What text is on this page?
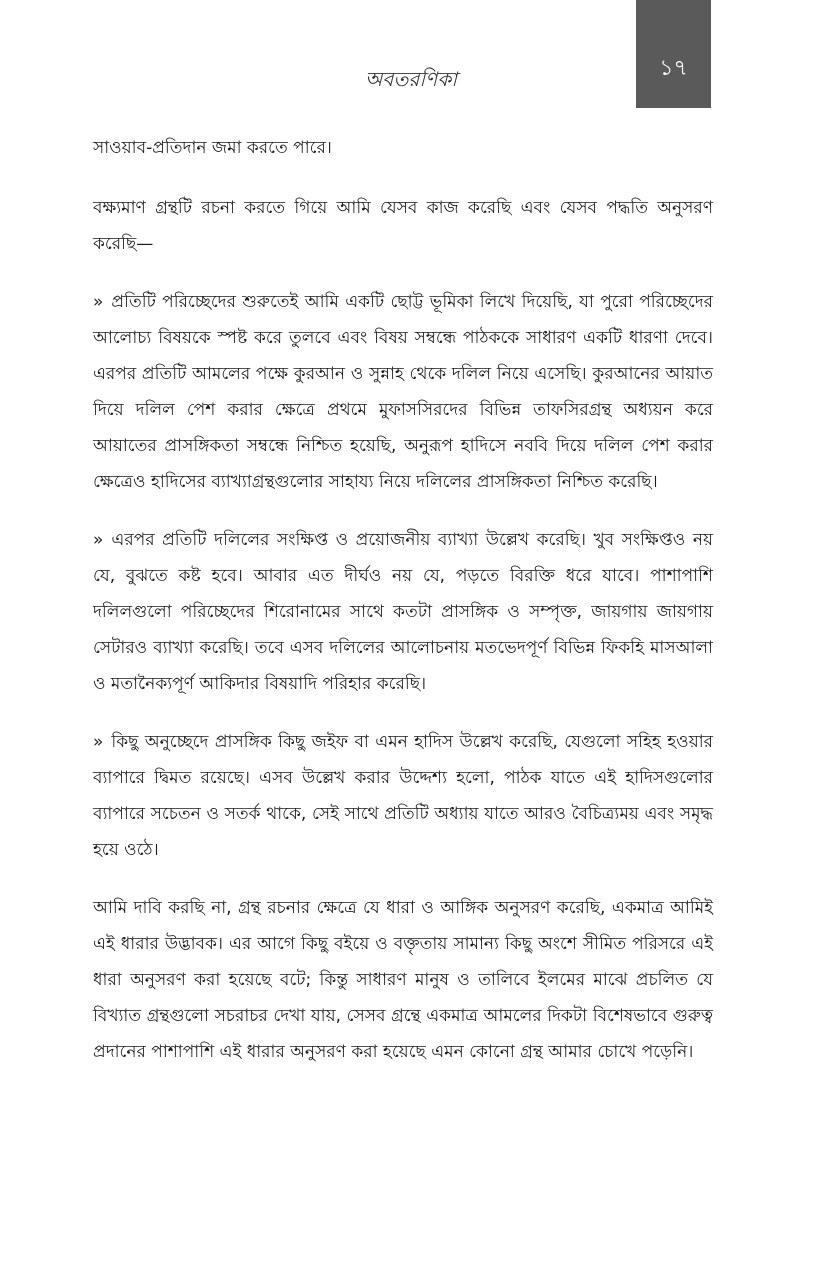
অবতরণিকা	১৭

সাওয়াব-প্রতিদান জমা করতে পারে।

বক্ষ্যমাণ গ্রন্থটি রচনা করতে গিয়ে আমি যেসব কাজ করেছি এবং যেসব পদ্ধতি অনুসরণ করেছি—

» প্রতিটি পরিচ্ছেদের শুরুতেই আমি একটি ছোট্ট ভূমিকা লিখে দিয়েছি, যা পুরো পরিচ্ছেদের আলোচ্য বিষয়কে স্পষ্ট করে তুলবে এবং বিষয় সম্বন্ধে পাঠককে সাধারণ একটি ধারণা দেবে। এরপর প্রতিটি আমলের পক্ষে কুরআন ও সুন্নাহ থেকে দলিল নিয়ে এসেছি। কুরআনের আয়াত দিয়ে দলিল পেশ করার ক্ষেত্রে প্রথমে মুফাসসিরদের বিভিন্ন তাফসিরগ্রন্থ অধ্যয়ন করে আয়াতের প্রাসঙ্গিকতা সম্বন্ধে নিশ্চিত হয়েছি, অনুরূপ হাদিসে নববি দিয়ে দলিল পেশ করার ক্ষেত্রেও হাদিসের ব্যাখ্যাগ্রন্থগুলোর সাহায্য নিয়ে দলিলের প্রাসঙ্গিকতা নিশ্চিত করেছি।

» এরপর প্রতিটি দলিলের সংক্ষিপ্ত ও প্রয়োজনীয় ব্যাখ্যা উল্লেখ করেছি। খুব সংক্ষিপ্তও নয় যে, বুঝতে কষ্ট হবে। আবার এত দীর্ঘও নয় যে, পড়তে বিরক্তি ধরে যাবে। পাশাপাশি দলিলগুলো পরিচ্ছেদের শিরোনামের সাথে কতটা প্রাসঙ্গিক ও সম্পৃক্ত, জায়গায় জায়গায় সেটারও ব্যাখ্যা করেছি। তবে এসব দলিলের আলোচনায় মতভেদপূর্ণ বিভিন্ন ফিকহি মাসআলা ও মতানৈক্যপূর্ণ আকিদার বিষয়াদি পরিহার করেছি।

» কিছু অনুচ্ছেদে প্রাসঙ্গিক কিছু জইফ বা এমন হাদিস উল্লেখ করেছি, যেগুলো সহিহ হওয়ার ব্যাপারে দ্বিমত রয়েছে। এসব উল্লেখ করার উদ্দেশ্য হলো, পাঠক যাতে এই হাদিসগুলোর ব্যাপারে সচেতন ও সতর্ক থাকে, সেই সাথে প্রতিটি অধ্যায় যাতে আরও বৈচিত্র্যময় এবং সমৃদ্ধ হয়ে ওঠে।

আমি দাবি করছি না, গ্রন্থ রচনার ক্ষেত্রে যে ধারা ও আঙ্গিক অনুসরণ করেছি, একমাত্র আমিই এই ধারার উদ্ভাবক। এর আগে কিছু বইয়ে ও বক্তৃতায় সামান্য কিছু অংশে সীমিত পরিসরে এই ধারা অনুসরণ করা হয়েছে বটে; কিন্তু সাধারণ মানুষ ও তালিবে ইলমের মাঝে প্রচলিত যে বিখ্যাত গ্রন্থগুলো সচরাচর দেখা যায়, সেসব গ্রন্থে একমাত্র আমলের দিকটা বিশেষভাবে গুরুত্ব প্রদানের পাশাপাশি এই ধারার অনুসরণ করা হয়েছে এমন কোনো গ্রন্থ আমার চোখে পড়েনি।
